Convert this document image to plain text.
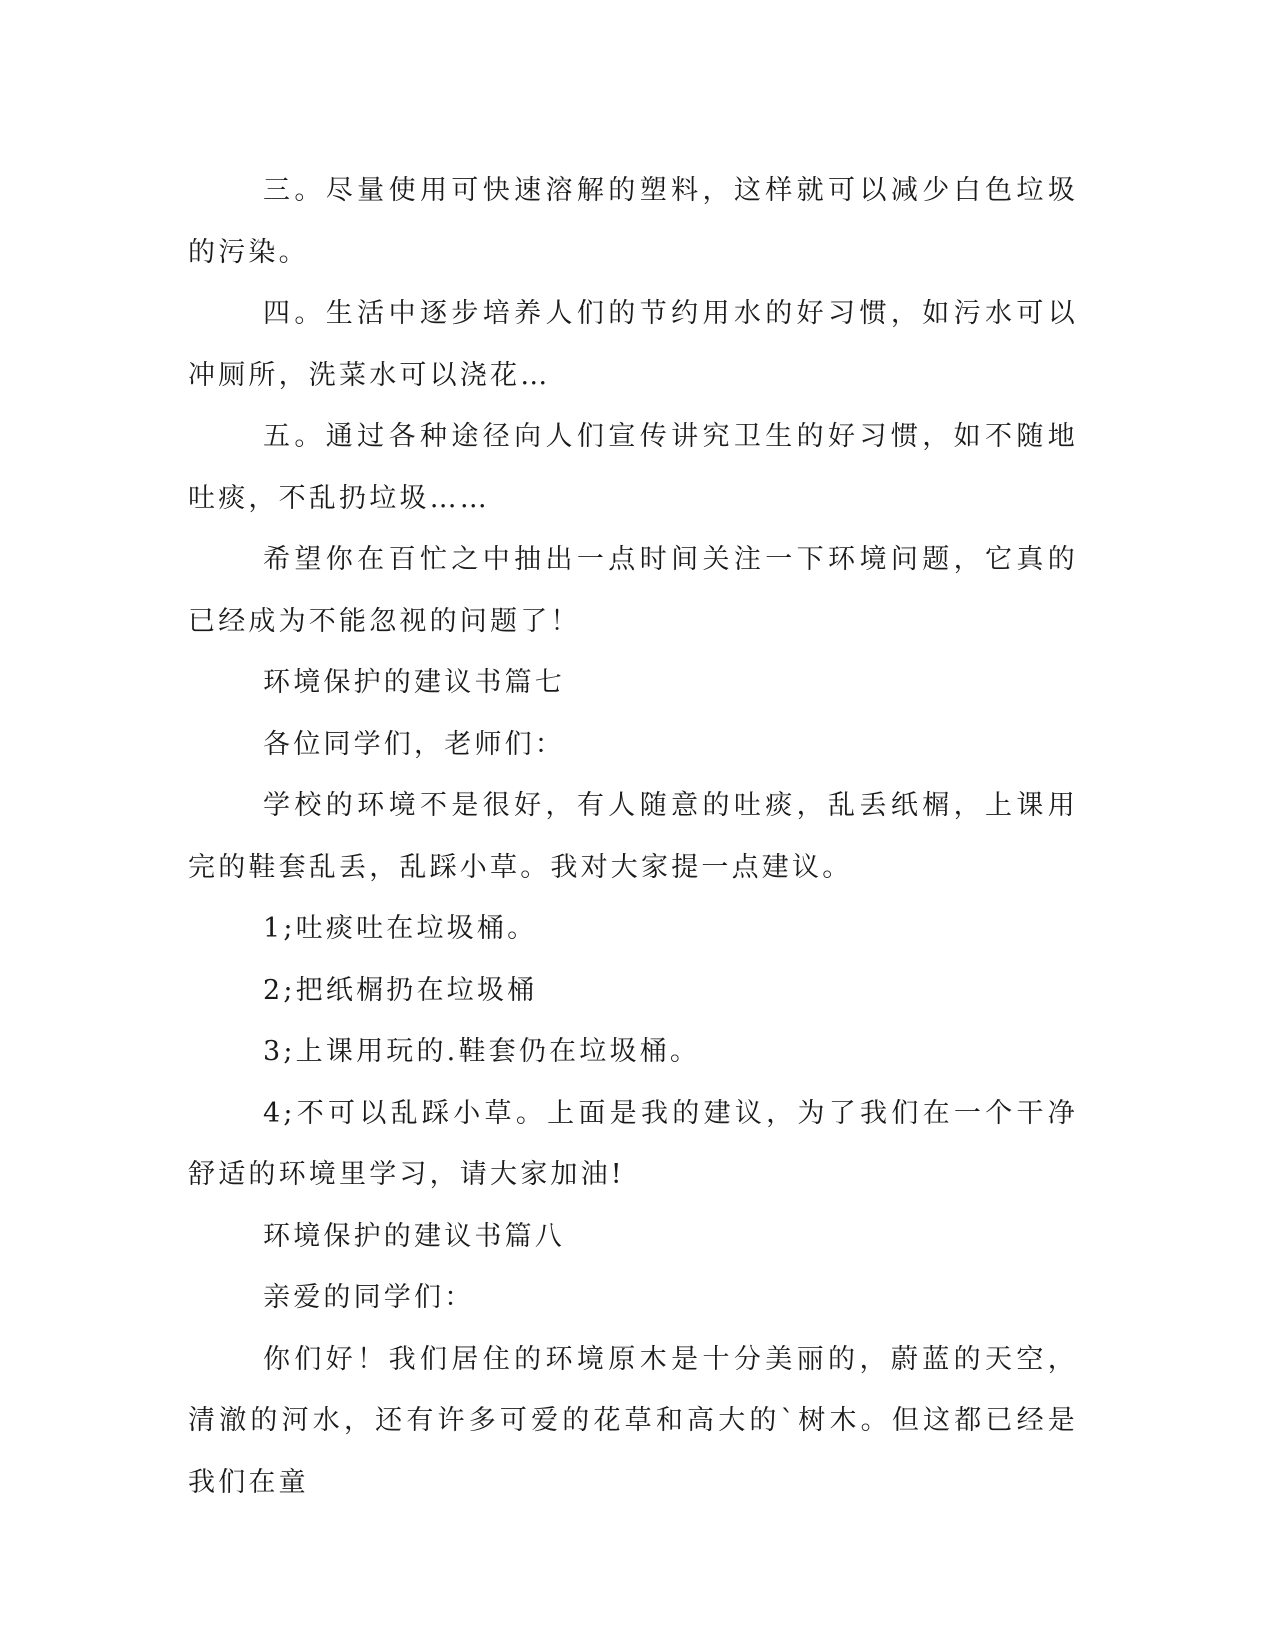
三。尽量使用可快速溶解的塑料，这样就可以减少白色垃圾的污染。

四。生活中逐步培养人们的节约用水的好习惯，如污水可以冲厕所，洗菜水可以浇花…

五。通过各种途径向人们宣传讲究卫生的好习惯，如不随地吐痰，不乱扔垃圾……

希望你在百忙之中抽出一点时间关注一下环境问题，它真的已经成为不能忽视的问题了！

环境保护的建议书篇七

各位同学们，老师们：

学校的环境不是很好，有人随意的吐痰，乱丢纸榍，上课用完的鞋套乱丢，乱踩小草。我对大家提一点建议。

1;吐痰吐在垃圾桶。

2;把纸榍扔在垃圾桶

3;上课用玩的.鞋套仍在垃圾桶。

4;不可以乱踩小草。上面是我的建议，为了我们在一个干净舒适的环境里学习，请大家加油!

环境保护的建议书篇八

亲爱的同学们：

你们好！我们居住的环境原木是十分美丽的，蔚蓝的天空，清澈的河水，还有许多可爱的花草和高大的`树木。但这都已经是我们在童
